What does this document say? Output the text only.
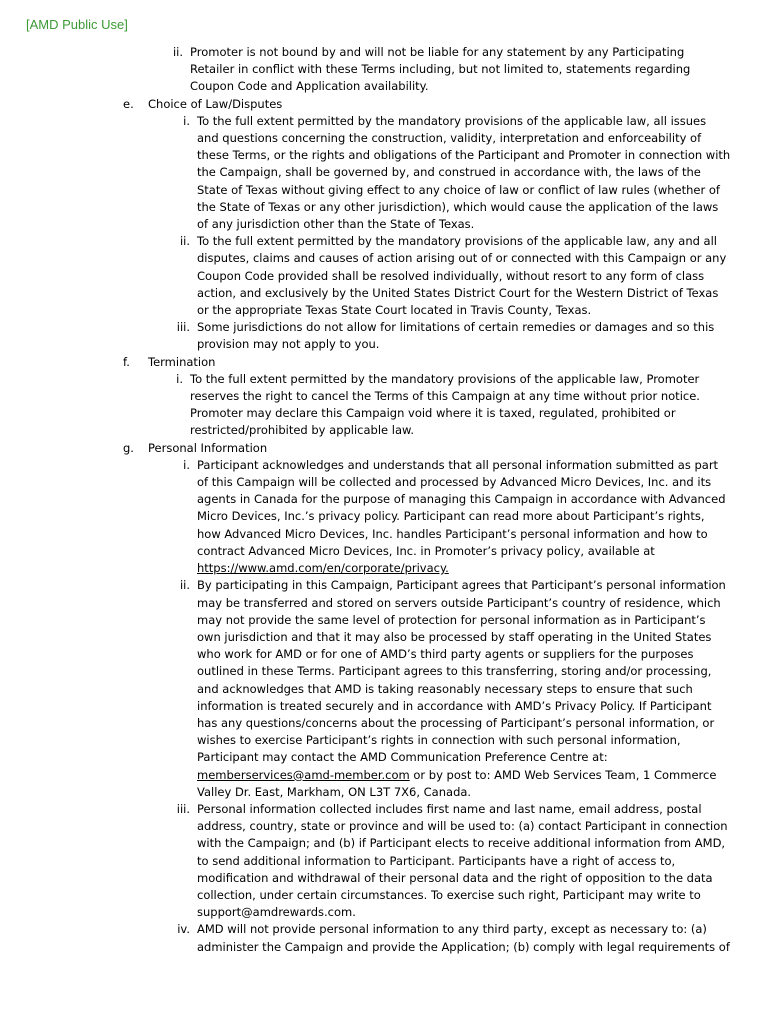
[AMD Public Use]
ii. Promoter is not bound by and will not be liable for any statement by any Participating Retailer in conflict with these Terms including, but not limited to, statements regarding Coupon Code and Application availability.
e. Choice of Law/Disputes
i. To the full extent permitted by the mandatory provisions of the applicable law, all issues and questions concerning the construction, validity, interpretation and enforceability of these Terms, or the rights and obligations of the Participant and Promoter in connection with the Campaign, shall be governed by, and construed in accordance with, the laws of the State of Texas without giving effect to any choice of law or conflict of law rules (whether of the State of Texas or any other jurisdiction), which would cause the application of the laws of any jurisdiction other than the State of Texas.
ii. To the full extent permitted by the mandatory provisions of the applicable law, any and all disputes, claims and causes of action arising out of or connected with this Campaign or any Coupon Code provided shall be resolved individually, without resort to any form of class action, and exclusively by the United States District Court for the Western District of Texas or the appropriate Texas State Court located in Travis County, Texas.
iii. Some jurisdictions do not allow for limitations of certain remedies or damages and so this provision may not apply to you.
f. Termination
i. To the full extent permitted by the mandatory provisions of the applicable law, Promoter reserves the right to cancel the Terms of this Campaign at any time without prior notice. Promoter may declare this Campaign void where it is taxed, regulated, prohibited or restricted/prohibited by applicable law.
g. Personal Information
i. Participant acknowledges and understands that all personal information submitted as part of this Campaign will be collected and processed by Advanced Micro Devices, Inc. and its agents in Canada for the purpose of managing this Campaign in accordance with Advanced Micro Devices, Inc.’s privacy policy. Participant can read more about Participant’s rights, how Advanced Micro Devices, Inc. handles Participant’s personal information and how to contract Advanced Micro Devices, Inc. in Promoter’s privacy policy, available at https://www.amd.com/en/corporate/privacy.
ii. By participating in this Campaign, Participant agrees that Participant’s personal information may be transferred and stored on servers outside Participant’s country of residence, which may not provide the same level of protection for personal information as in Participant’s own jurisdiction and that it may also be processed by staff operating in the United States who work for AMD or for one of AMD’s third party agents or suppliers for the purposes outlined in these Terms. Participant agrees to this transferring, storing and/or processing, and acknowledges that AMD is taking reasonably necessary steps to ensure that such information is treated securely and in accordance with AMD’s Privacy Policy. If Participant has any questions/concerns about the processing of Participant’s personal information, or wishes to exercise Participant’s rights in connection with such personal information, Participant may contact the AMD Communication Preference Centre at: memberservices@amd-member.com or by post to: AMD Web Services Team, 1 Commerce Valley Dr. East, Markham, ON L3T 7X6, Canada.
iii. Personal information collected includes first name and last name, email address, postal address, country, state or province and will be used to: (a) contact Participant in connection with the Campaign; and (b) if Participant elects to receive additional information from AMD, to send additional information to Participant. Participants have a right of access to, modification and withdrawal of their personal data and the right of opposition to the data collection, under certain circumstances. To exercise such right, Participant may write to support@amdrewards.com.
iv. AMD will not provide personal information to any third party, except as necessary to: (a) administer the Campaign and provide the Application; (b) comply with legal requirements of
